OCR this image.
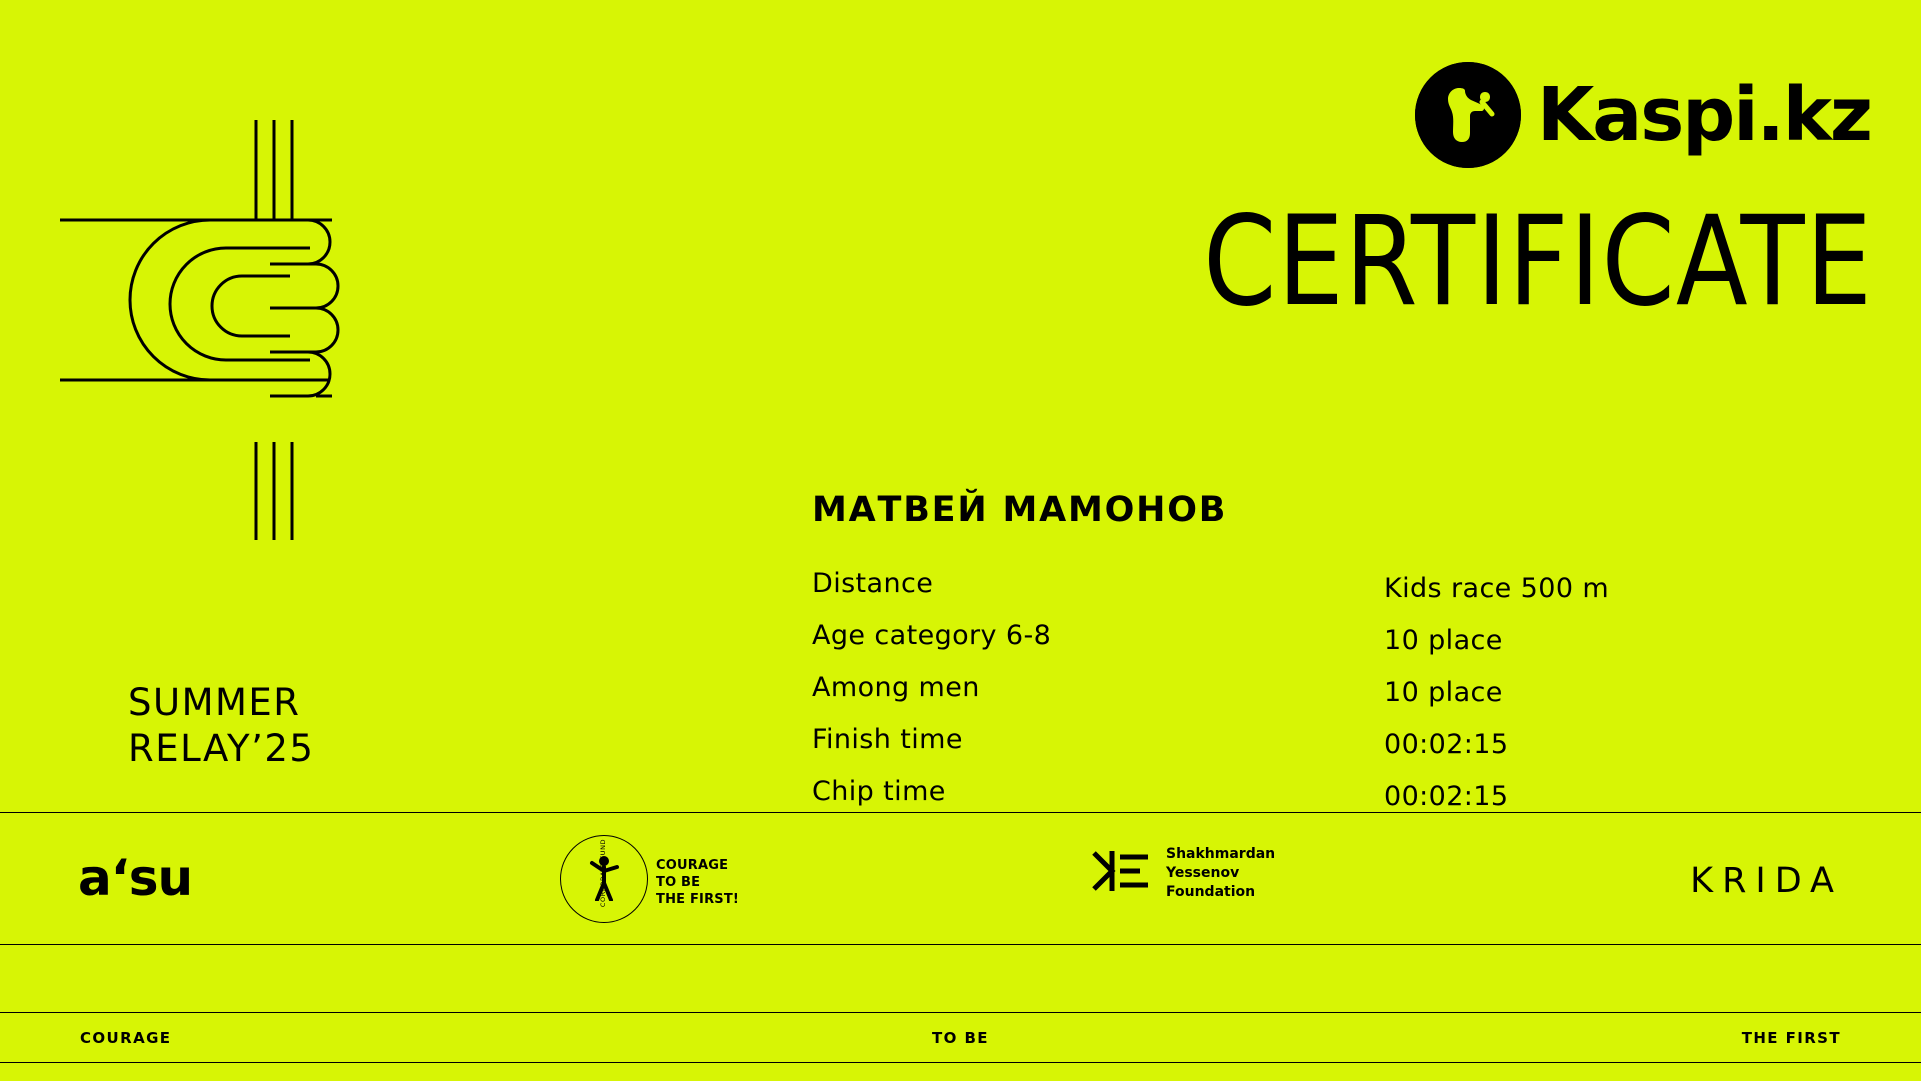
Kaspi.kz
SUMMER
RELAY’25
CERTIFICATE
МАТВЕЙ МАМОНОВ
Distance	Kids race 500 m
Age category 6-8	10 place
Among men	10 place
Finish time	00:02:15
Chip time	00:02:15
aʻsu	CORPORATE FUND	COURAGE
TO BE
THE FIRST!
Shakhmardan
Yessenov
Foundation	KRIDA
COURAGE	TO BE	THE FIRST
